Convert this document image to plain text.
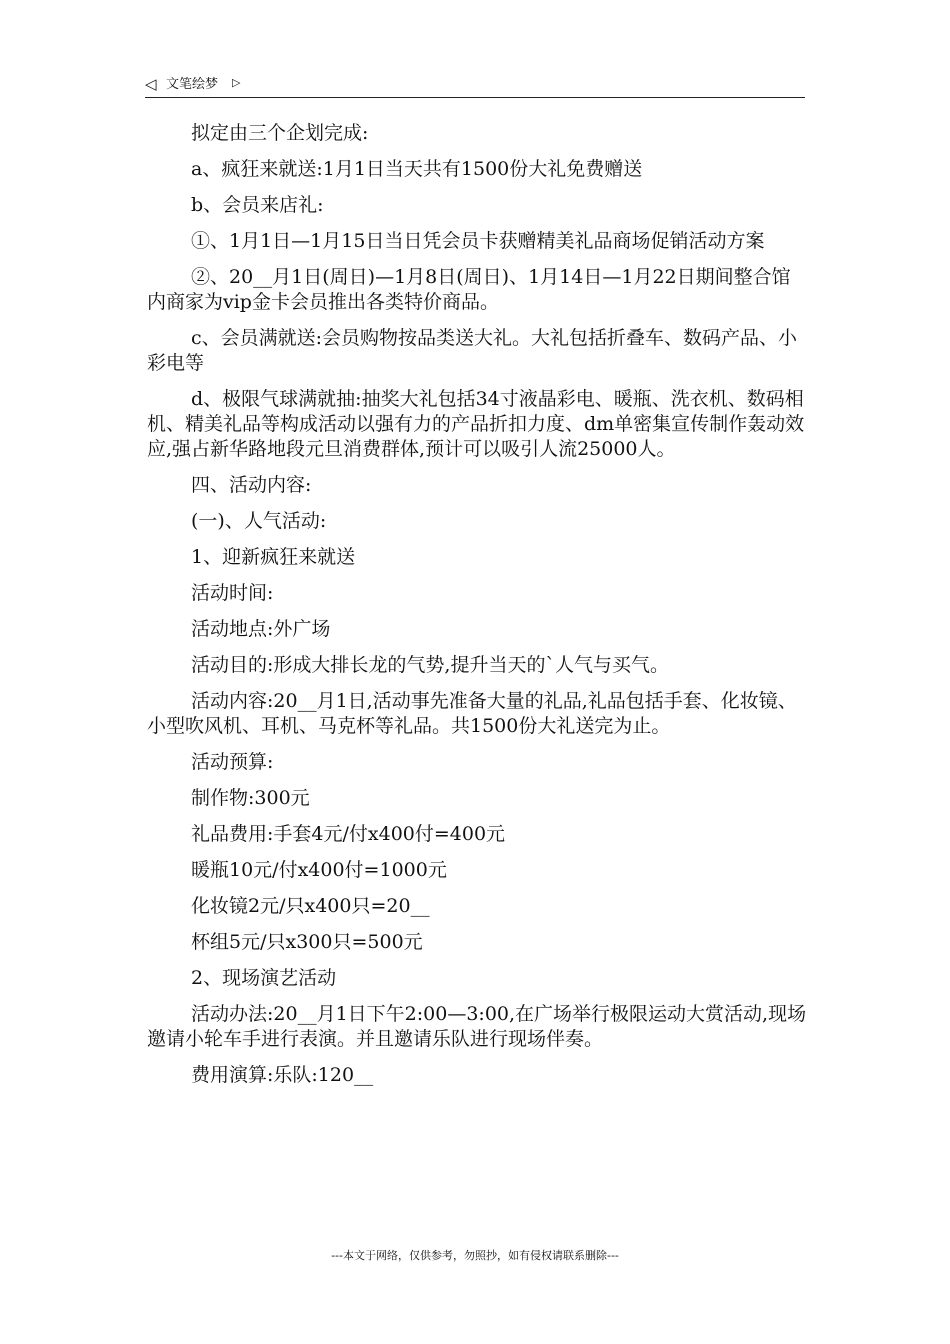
◁ 文笔绘梦 ▷

拟定由三个企划完成:

a、疯狂来就送:1月1日当天共有1500份大礼免费赠送

b、会员来店礼:

①、1月1日—1月15日当日凭会员卡获赠精美礼品商场促销活动方案

②、20__月1日(周日)—1月8日(周日)、1月14日—1月22日期间整合馆内商家为vip金卡会员推出各类特价商品。

c、会员满就送:会员购物按品类送大礼。大礼包括折叠车、数码产品、小彩电等

d、极限气球满就抽:抽奖大礼包括34寸液晶彩电、暖瓶、洗衣机、数码相机、精美礼品等构成活动以强有力的产品折扣力度、dm单密集宣传制作轰动效应,强占新华路地段元旦消费群体,预计可以吸引人流25000人。

四、活动内容:

(一)、人气活动:

1、迎新疯狂来就送

活动时间:

活动地点:外广场

活动目的:形成大排长龙的气势,提升当天的`人气与买气。

活动内容:20__月1日,活动事先准备大量的礼品,礼品包括手套、化妆镜、小型吹风机、耳机、马克杯等礼品。共1500份大礼送完为止。

活动预算:

制作物:300元

礼品费用:手套4元/付x400付=400元

暖瓶10元/付x400付=1000元

化妆镜2元/只x400只=20__

杯组5元/只x300只=500元

2、现场演艺活动

活动办法:20__月1日下午2:00—3:00,在广场举行极限运动大赏活动,现场邀请小轮车手进行表演。并且邀请乐队进行现场伴奏。

费用演算:乐队:120__

---本文于网络，仅供参考，勿照抄，如有侵权请联系删除---
